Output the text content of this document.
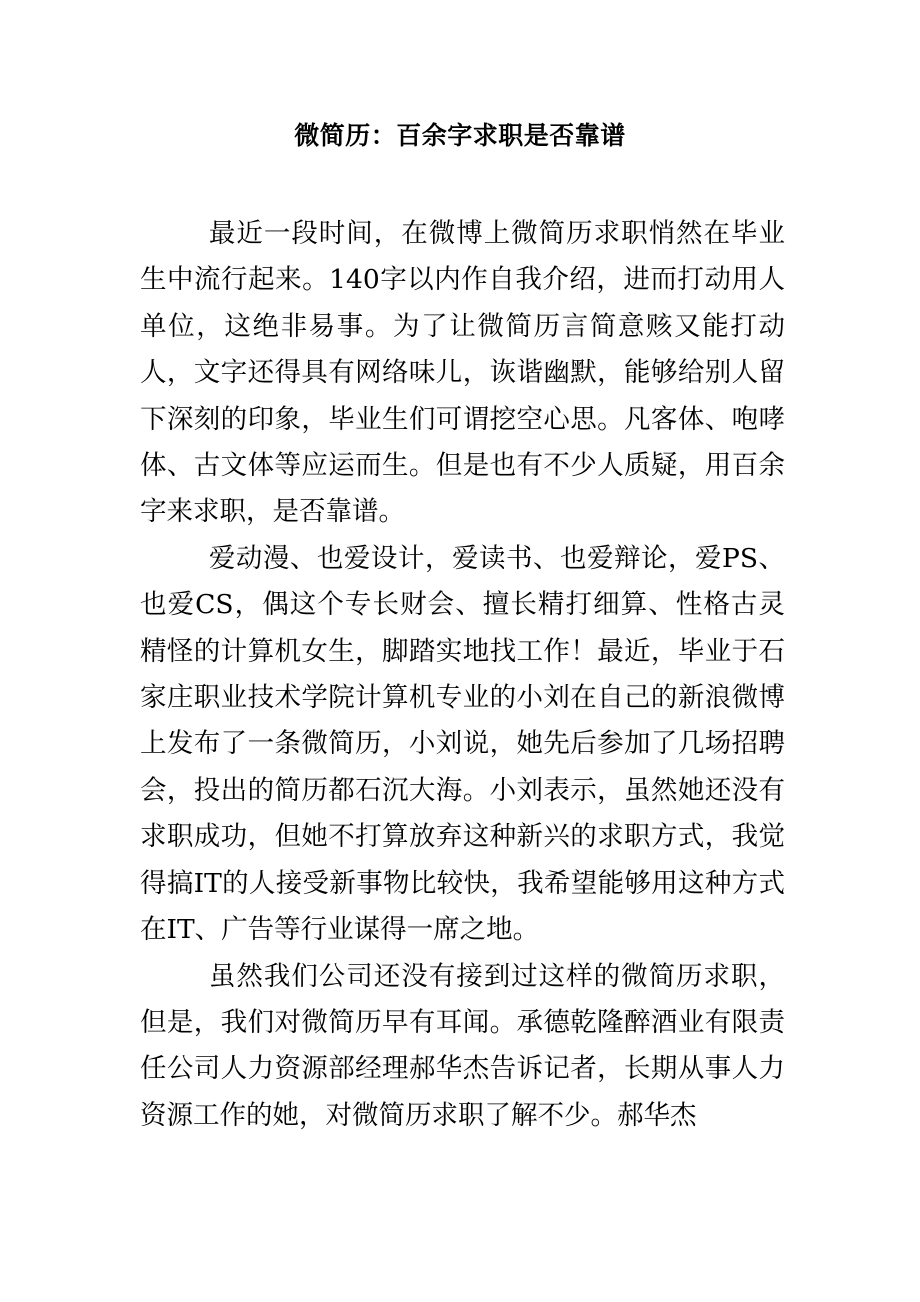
微简历：百余字求职是否靠谱

最近一段时间，在微博上微简历求职悄然在毕业生中流行起来。140字以内作自我介绍，进而打动用人单位，这绝非易事。为了让微简历言简意赅又能打动人，文字还得具有网络味儿，诙谐幽默，能够给别人留下深刻的印象，毕业生们可谓挖空心思。凡客体、咆哮体、古文体等应运而生。但是也有不少人质疑，用百余字来求职，是否靠谱。

爱动漫、也爱设计，爱读书、也爱辩论，爱PS、也爱CS，偶这个专长财会、擅长精打细算、性格古灵精怪的计算机女生，脚踏实地找工作！最近，毕业于石家庄职业技术学院计算机专业的小刘在自己的新浪微博上发布了一条微简历，小刘说，她先后参加了几场招聘会，投出的简历都石沉大海。小刘表示，虽然她还没有求职成功，但她不打算放弃这种新兴的求职方式，我觉得搞IT的人接受新事物比较快，我希望能够用这种方式在IT、广告等行业谋得一席之地。

虽然我们公司还没有接到过这样的微简历求职，但是，我们对微简历早有耳闻。承德乾隆醉酒业有限责任公司人力资源部经理郝华杰告诉记者，长期从事人力资源工作的她，对微简历求职了解不少。郝华杰
